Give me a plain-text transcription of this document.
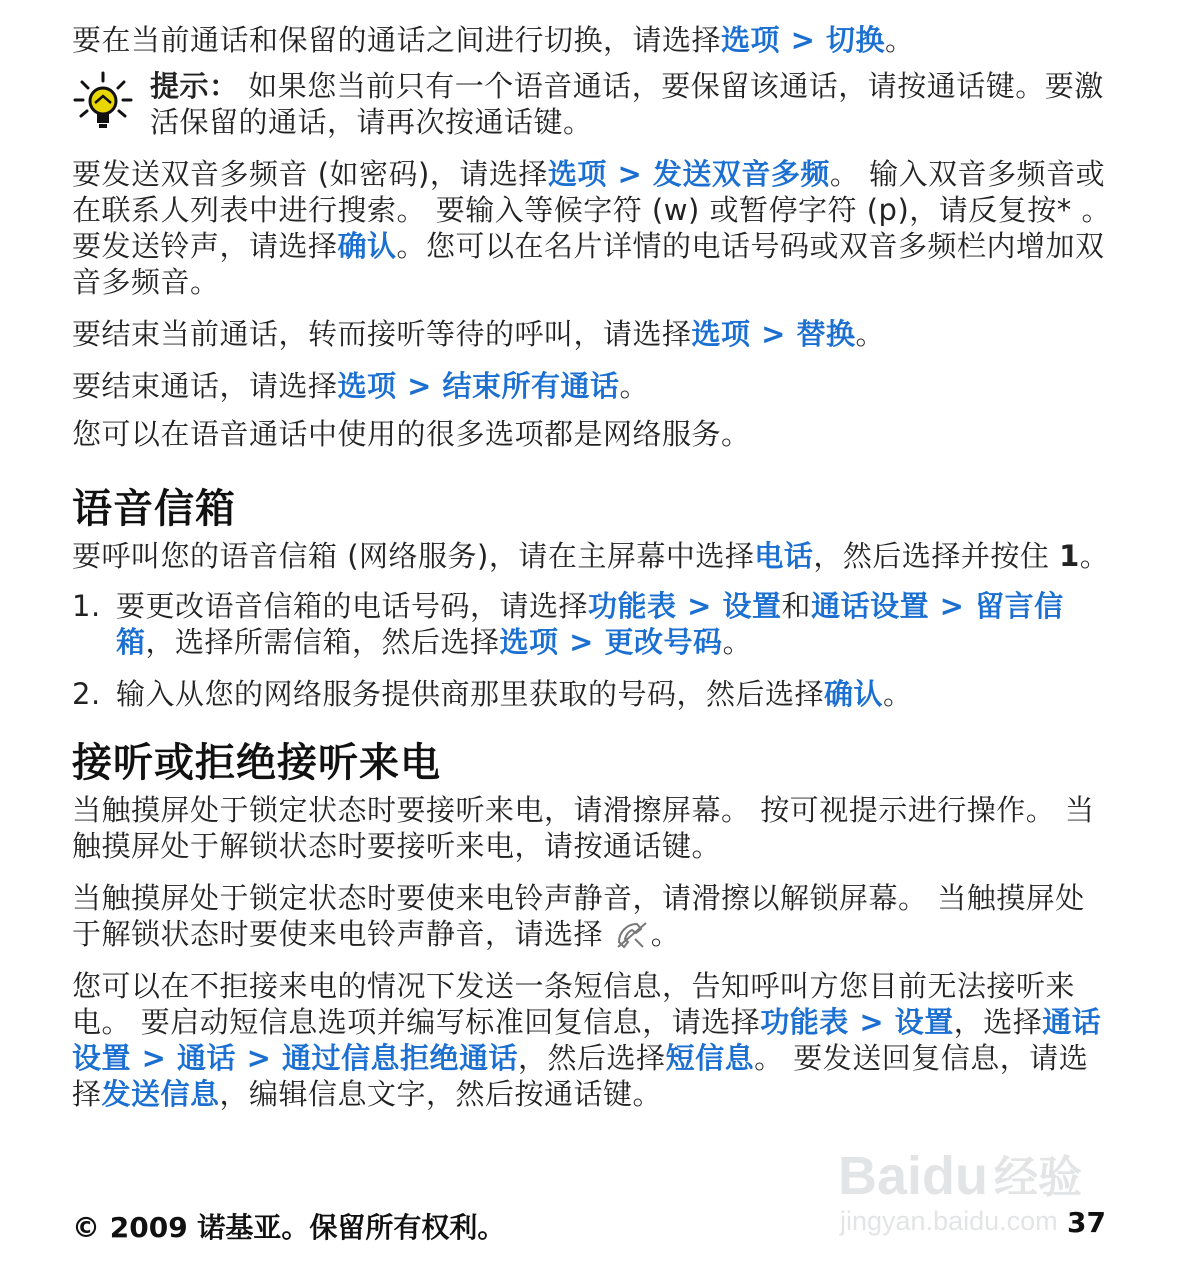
要在当前通话和保留的通话之间进行切换，请选择选项 > 切换。

提示： 如果您当前只有一个语音通话，要保留该通话，请按通话键。要激活保留的通话，请再次按通话键。

要发送双音多频音 (如密码)，请选择选项 > 发送双音多频。 输入双音多频音或在联系人列表中进行搜索。 要输入等候字符 (w) 或暂停字符 (p)，请反复按* 。 要发送铃声，请选择确认。您可以在名片详情的电话号码或双音多频栏内增加双音多频音。

要结束当前通话，转而接听等待的呼叫，请选择选项 > 替换。

要结束通话，请选择选项 > 结束所有通话。

您可以在语音通话中使用的很多选项都是网络服务。

语音信箱

要呼叫您的语音信箱 (网络服务)，请在主屏幕中选择电话，然后选择并按住 1。

1. 要更改语音信箱的电话号码，请选择功能表 > 设置和通话设置 > 留言信箱，选择所需信箱，然后选择选项 > 更改号码。
2. 输入从您的网络服务提供商那里获取的号码，然后选择确认。
接听或拒绝接听来电

当触摸屏处于锁定状态时要接听来电，请滑擦屏幕。 按可视提示进行操作。 当触摸屏处于解锁状态时要接听来电，请按通话键。

当触摸屏处于锁定状态时要使来电铃声静音，请滑擦以解锁屏幕。 当触摸屏处于解锁状态时要使来电铃声静音，请选择 。

您可以在不拒接来电的情况下发送一条短信息，告知呼叫方您目前无法接听来电。 要启动短信息选项并编写标准回复信息，请选择功能表 > 设置，选择通话设置 > 通话 > 通过信息拒绝通话，然后选择短信息。 要发送回复信息，请选择发送信息，编辑信息文字，然后按通话键。

Baidu 经验
jingyan.baidu.com
© 2009 诺基亚。保留所有权利。	37
